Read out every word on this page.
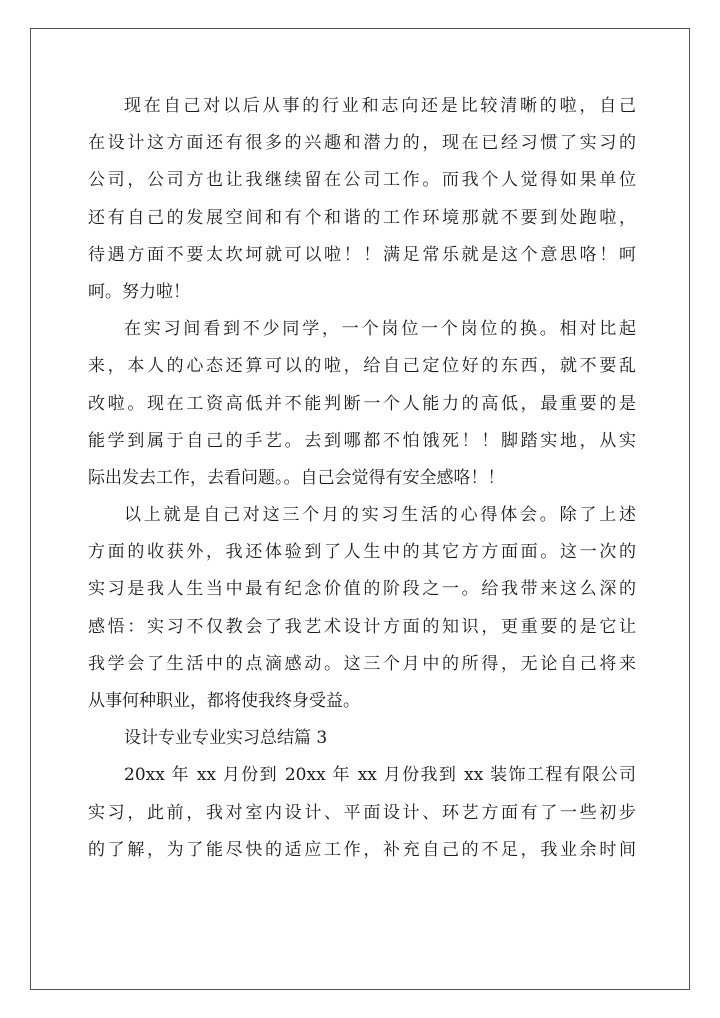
现在自己对以后从事的行业和志向还是比较清晰的啦，自己
在设计这方面还有很多的兴趣和潜力的，现在已经习惯了实习的
公司，公司方也让我继续留在公司工作。而我个人觉得如果单位
还有自己的发展空间和有个和谐的工作环境那就不要到处跑啦，
待遇方面不要太坎坷就可以啦！！满足常乐就是这个意思咯！呵
呵。努力啦！
在实习间看到不少同学，一个岗位一个岗位的换。相对比起
来，本人的心态还算可以的啦，给自己定位好的东西，就不要乱
改啦。现在工资高低并不能判断一个人能力的高低，最重要的是
能学到属于自己的手艺。去到哪都不怕饿死！！脚踏实地，从实
际出发去工作，去看问题。。自己会觉得有安全感咯！！
以上就是自己对这三个月的实习生活的心得体会。除了上述
方面的收获外，我还体验到了人生中的其它方方面面。这一次的
实习是我人生当中最有纪念价值的阶段之一。给我带来这么深的
感悟：实习不仅教会了我艺术设计方面的知识，更重要的是它让
我学会了生活中的点滴感动。这三个月中的所得，无论自己将来
从事何种职业，都将使我终身受益。
设计专业专业实习总结篇 3
20xx 年 xx 月份到 20xx 年 xx 月份我到 xx 装饰工程有限公司
实习，此前，我对室内设计、平面设计、环艺方面有了一些初步
的了解，为了能尽快的适应工作，补充自己的不足，我业余时间
